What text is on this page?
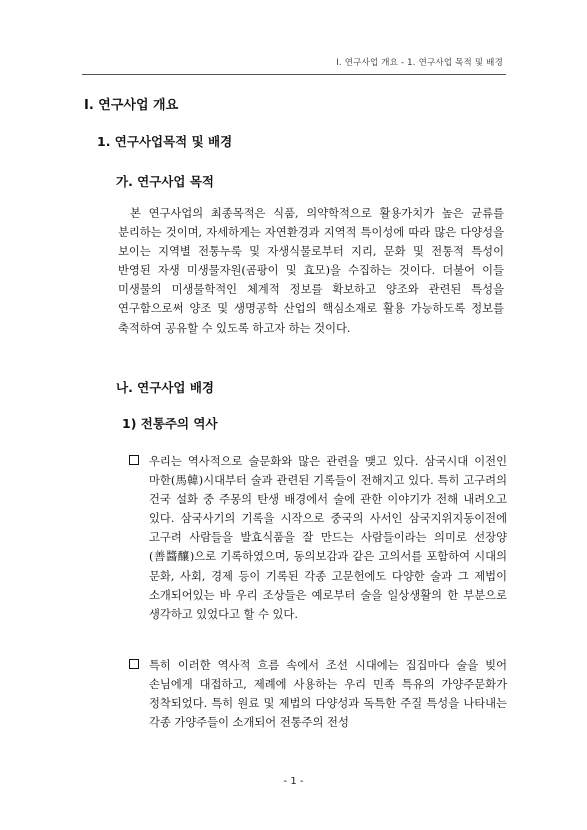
I. 연구사업 개요 - 1. 연구사업 목적 및 배경
Ⅰ. 연구사업 개요
1. 연구사업목적 및 배경
가. 연구사업 목적
본 연구사업의 최종목적은 식품, 의약학적으로 활용가치가 높은 균류를 분리하는 것이며, 자세하게는 자연환경과 지역적 특이성에 따라 많은 다양성을 보이는 지역별 전통누룩 및 자생식물로부터 지리, 문화 및 전통적 특성이 반영된 자생 미생물자원(곰팡이 및 효모)을 수집하는 것이다. 더불어 이들 미생물의 미생물학적인 체계적 정보를 확보하고 양조와 관련된 특성을 연구함으로써 양조 및 생명공학 산업의 핵심소재로 활용 가능하도록 정보를 축적하여 공유할 수 있도록 하고자 하는 것이다.
나. 연구사업 배경
1) 전통주의 역사
우리는 역사적으로 술문화와 많은 관련을 맺고 있다. 삼국시대 이전인 마한(馬韓)시대부터 술과 관련된 기록들이 전해지고 있다. 특히 고구려의 건국 설화 중 주몽의 탄생 배경에서 술에 관한 이야기가 전해 내려오고 있다. 삼국사기의 기록을 시작으로 중국의 사서인 삼국지위지동이전에 고구려 사람들을 발효식품을 잘 만드는 사람들이라는 의미로 선장양(善醬釀)으로 기록하였으며, 동의보감과 같은 고의서를 포함하여 시대의 문화, 사회, 경제 등이 기록된 각종 고문헌에도 다양한 술과 그 제법이 소개되어있는 바 우리 조상들은 예로부터 술을 일상생활의 한 부분으로 생각하고 있었다고 할 수 있다.
특히 이러한 역사적 흐름 속에서 조선 시대에는 집집마다 술을 빚어 손님에게 대접하고, 제례에 사용하는 우리 민족 특유의 가양주문화가 정착되었다. 특히 원료 및 제법의 다양성과 독특한 주질 특성을 나타내는 각종 가양주들이 소개되어 전통주의 전성
- 1 -
